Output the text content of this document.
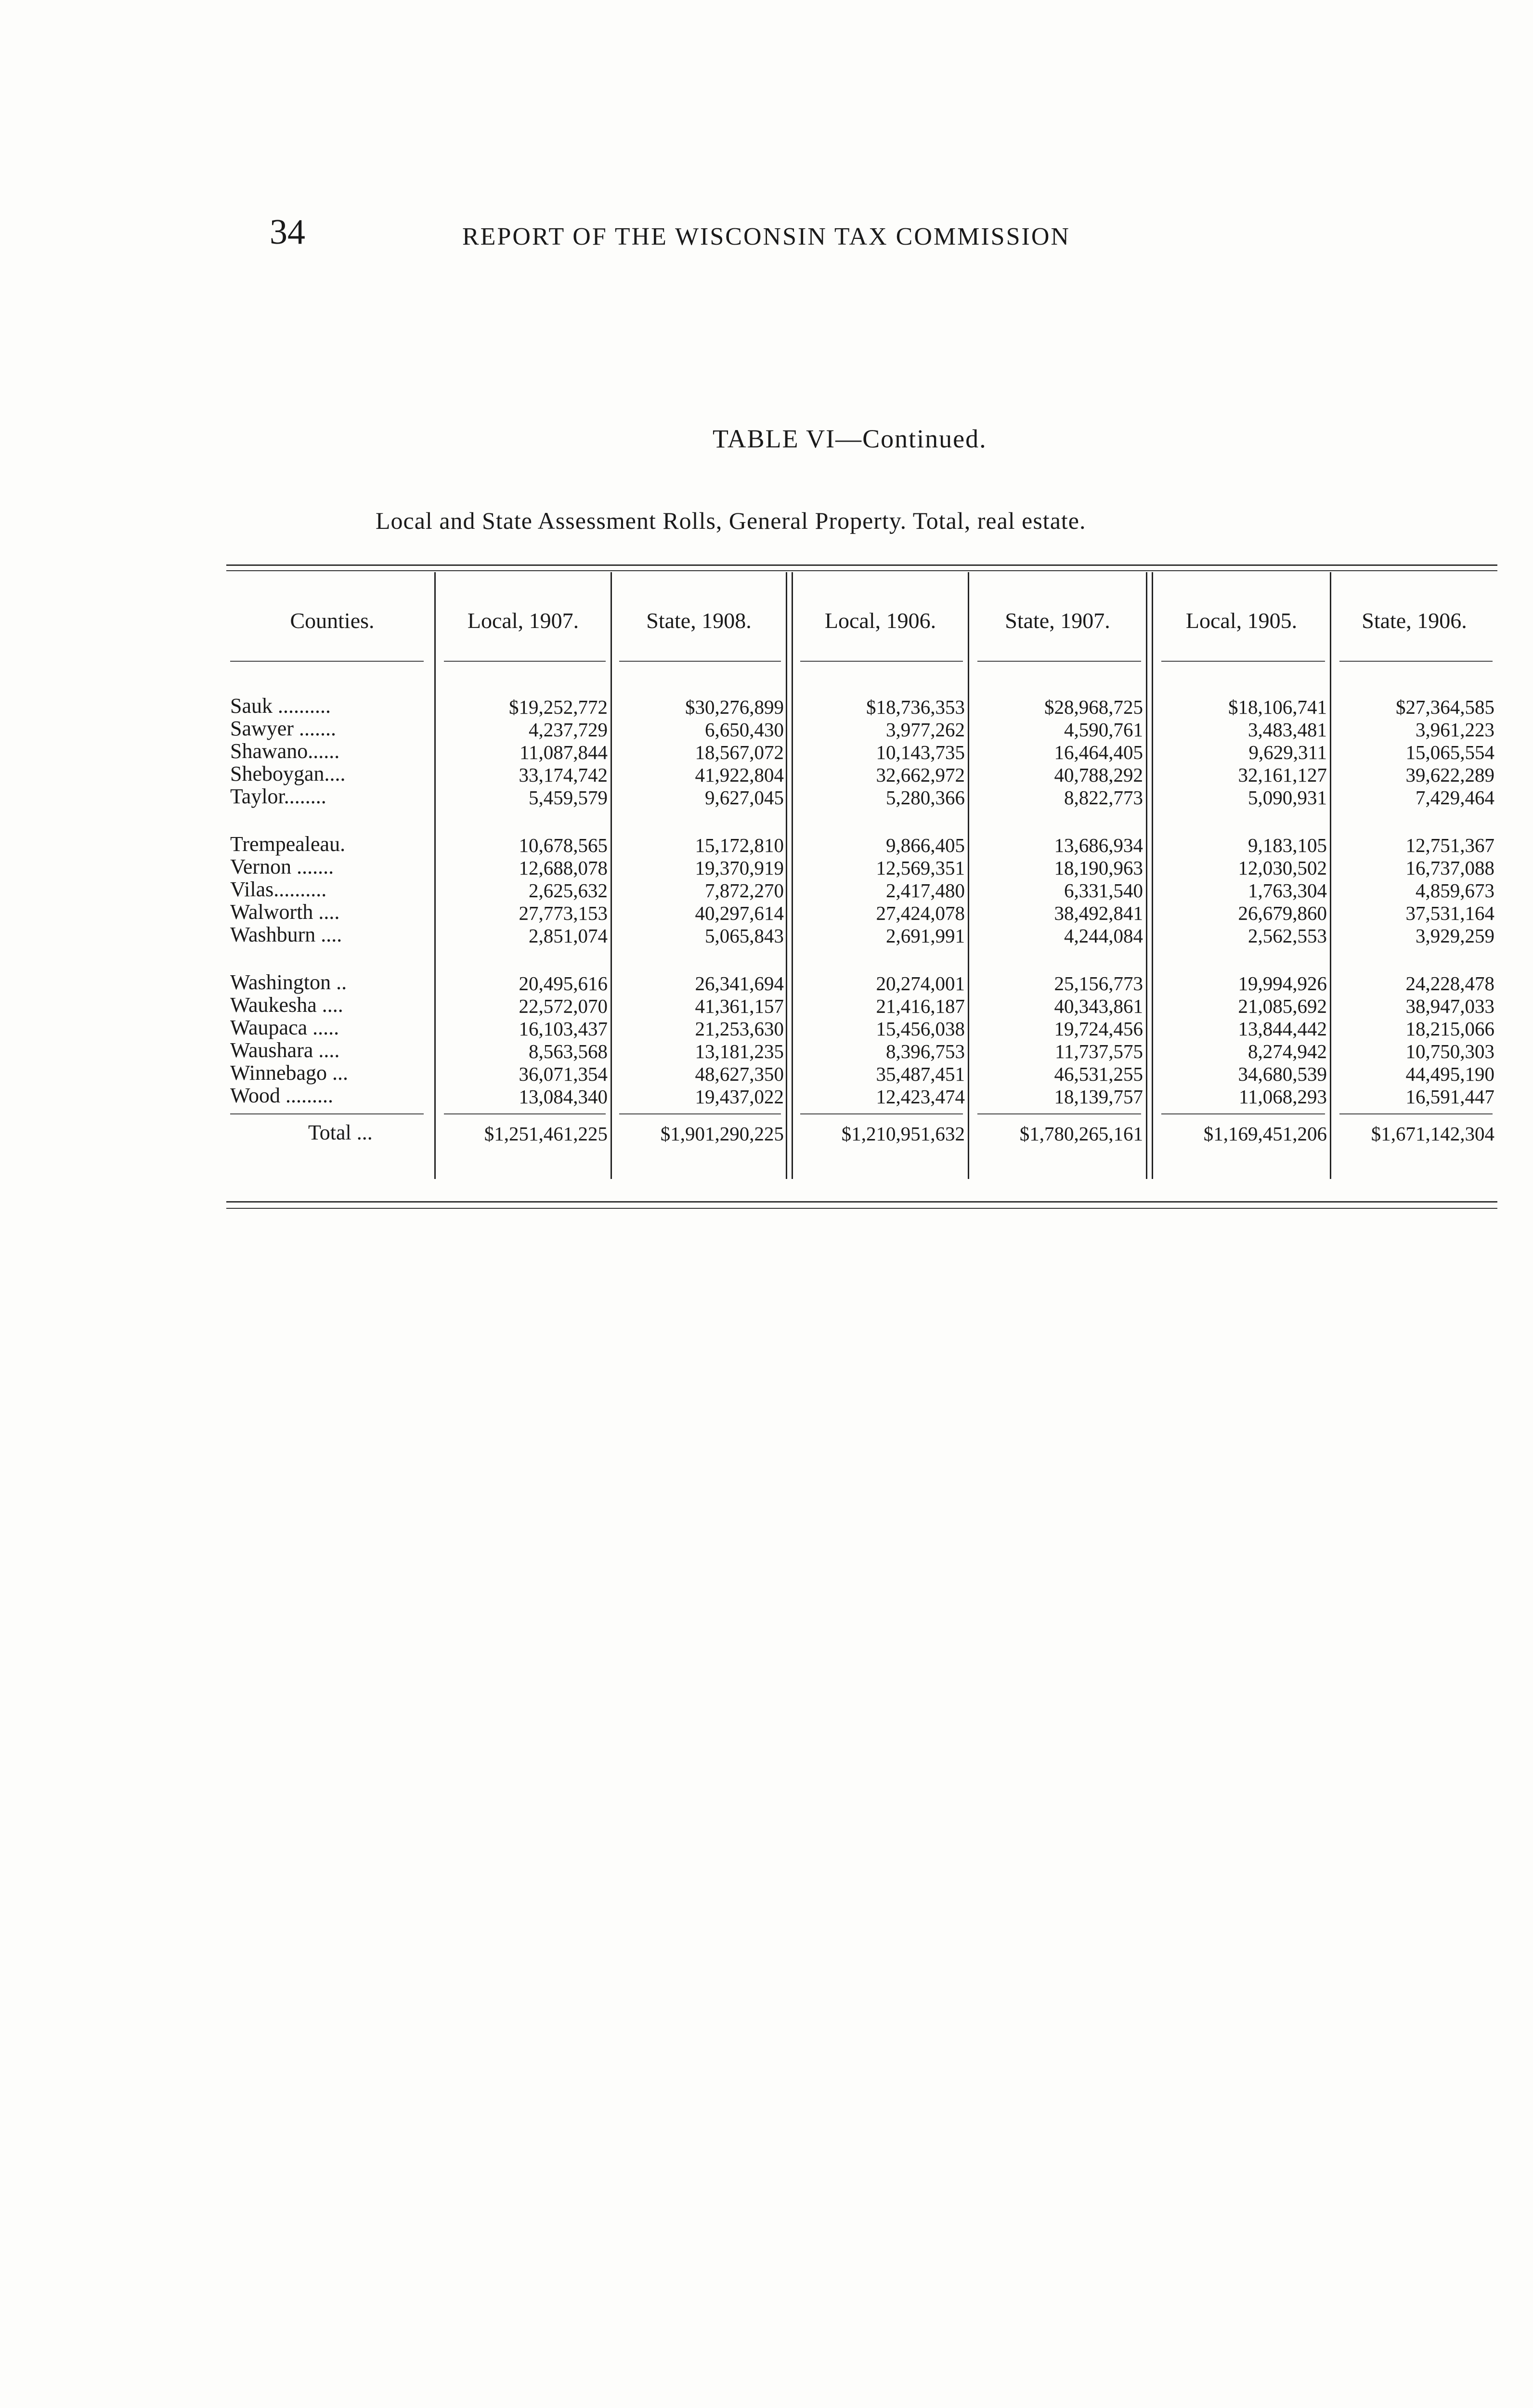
34	REPORT OF THE WISCONSIN TAX COMMISSION
TABLE VI—Continued.
Local and State Assessment Rolls, General Property. Total, real estate.
Counties.	Local, 1907.	State, 1908.	Local, 1906.	State, 1907.	Local, 1905.	State, 1906.
Sauk ..........	$19,252,772	$30,276,899	$18,736,353	$28,968,725	$18,106,741	$27,364,585
Sawyer .......	4,237,729	6,650,430	3,977,262	4,590,761	3,483,481	3,961,223
Shawano......	11,087,844	18,567,072	10,143,735	16,464,405	9,629,311	15,065,554
Sheboygan....	33,174,742	41,922,804	32,662,972	40,788,292	32,161,127	39,622,289
Taylor........	5,459,579	9,627,045	5,280,366	8,822,773	5,090,931	7,429,464
Trempealeau.	10,678,565	15,172,810	9,866,405	13,686,934	9,183,105	12,751,367
Vernon .......	12,688,078	19,370,919	12,569,351	18,190,963	12,030,502	16,737,088
Vilas..........	2,625,632	7,872,270	2,417,480	6,331,540	1,763,304	4,859,673
Walworth ....	27,773,153	40,297,614	27,424,078	38,492,841	26,679,860	37,531,164
Washburn ....	2,851,074	5,065,843	2,691,991	4,244,084	2,562,553	3,929,259
Washington ..	20,495,616	26,341,694	20,274,001	25,156,773	19,994,926	24,228,478
Waukesha ....	22,572,070	41,361,157	21,416,187	40,343,861	21,085,692	38,947,033
Waupaca .....	16,103,437	21,253,630	15,456,038	19,724,456	13,844,442	18,215,066
Waushara ....	8,563,568	13,181,235	8,396,753	11,737,575	8,274,942	10,750,303
Winnebago ...	36,071,354	48,627,350	35,487,451	46,531,255	34,680,539	44,495,190
Wood .........	13,084,340	19,437,022	12,423,474	18,139,757	11,068,293	16,591,447
Total ...	$1,251,461,225	$1,901,290,225	$1,210,951,632	$1,780,265,161	$1,169,451,206	$1,671,142,304
